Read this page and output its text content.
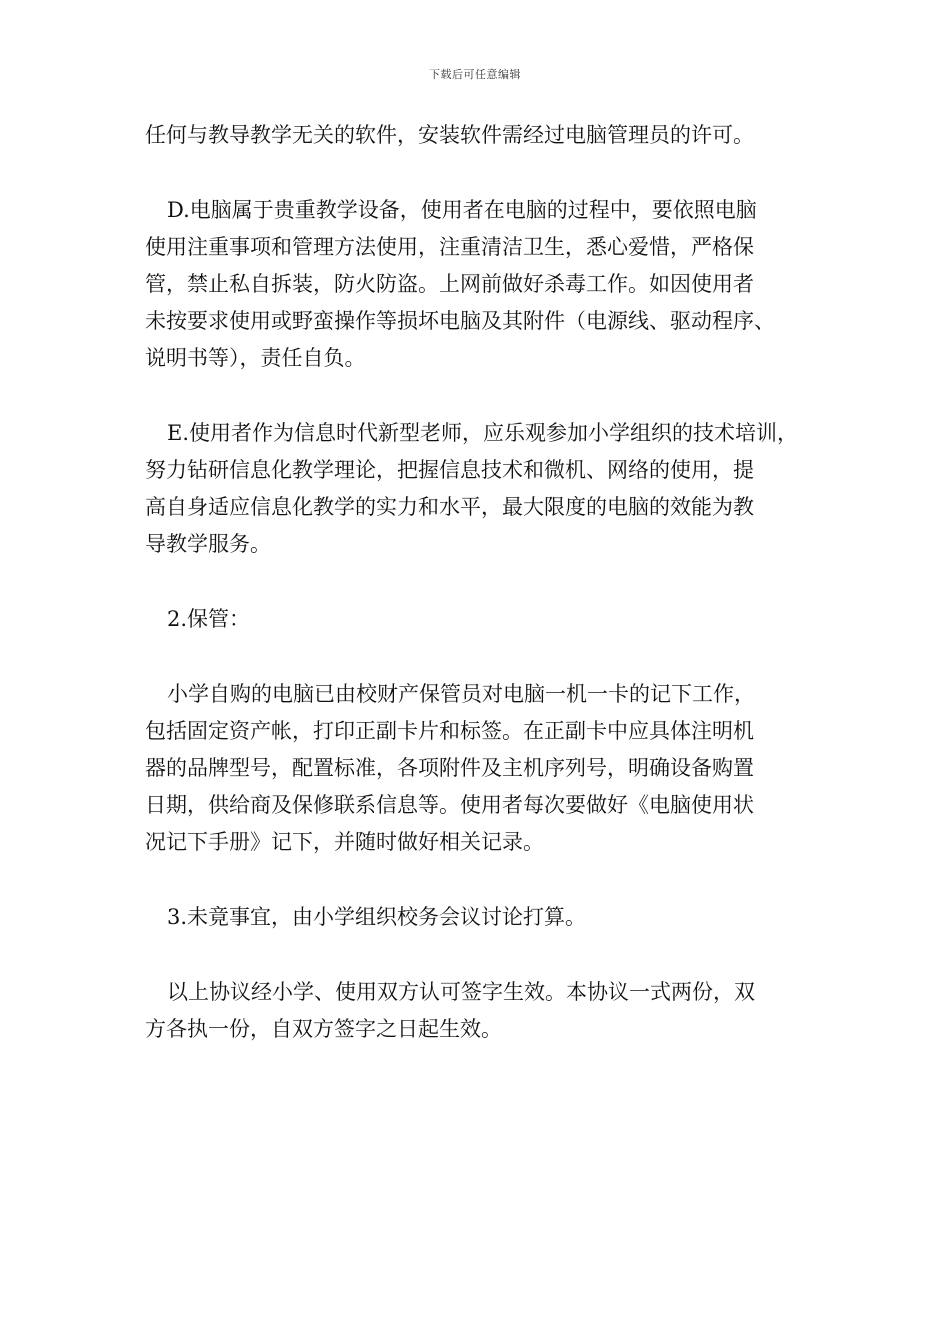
下载后可任意编辑
任何与教导教学无关的软件，安装软件需经过电脑管理员的许可。
D.电脑属于贵重教学设备，使用者在电脑的过程中，要依照电脑
使用注重事项和管理方法使用，注重清洁卫生，悉心爱惜，严格保
管，禁止私自拆装，防火防盗。上网前做好杀毒工作。如因使用者
未按要求使用或野蛮操作等损坏电脑及其附件（电源线、驱动程序、
说明书等），责任自负。
E.使用者作为信息时代新型老师，应乐观参加小学组织的技术培训，
努力钻研信息化教学理论，把握信息技术和微机、网络的使用，提
高自身适应信息化教学的实力和水平，最大限度的电脑的效能为教
导教学服务。
2.保管：
小学自购的电脑已由校财产保管员对电脑一机一卡的记下工作，
包括固定资产帐，打印正副卡片和标签。在正副卡中应具体注明机
器的品牌型号，配置标准，各项附件及主机序列号，明确设备购置
日期，供给商及保修联系信息等。使用者每次要做好《电脑使用状
况记下手册》记下，并随时做好相关记录。
3.未竟事宜，由小学组织校务会议讨论打算。
以上协议经小学、使用双方认可签字生效。本协议一式两份，双
方各执一份，自双方签字之日起生效。
